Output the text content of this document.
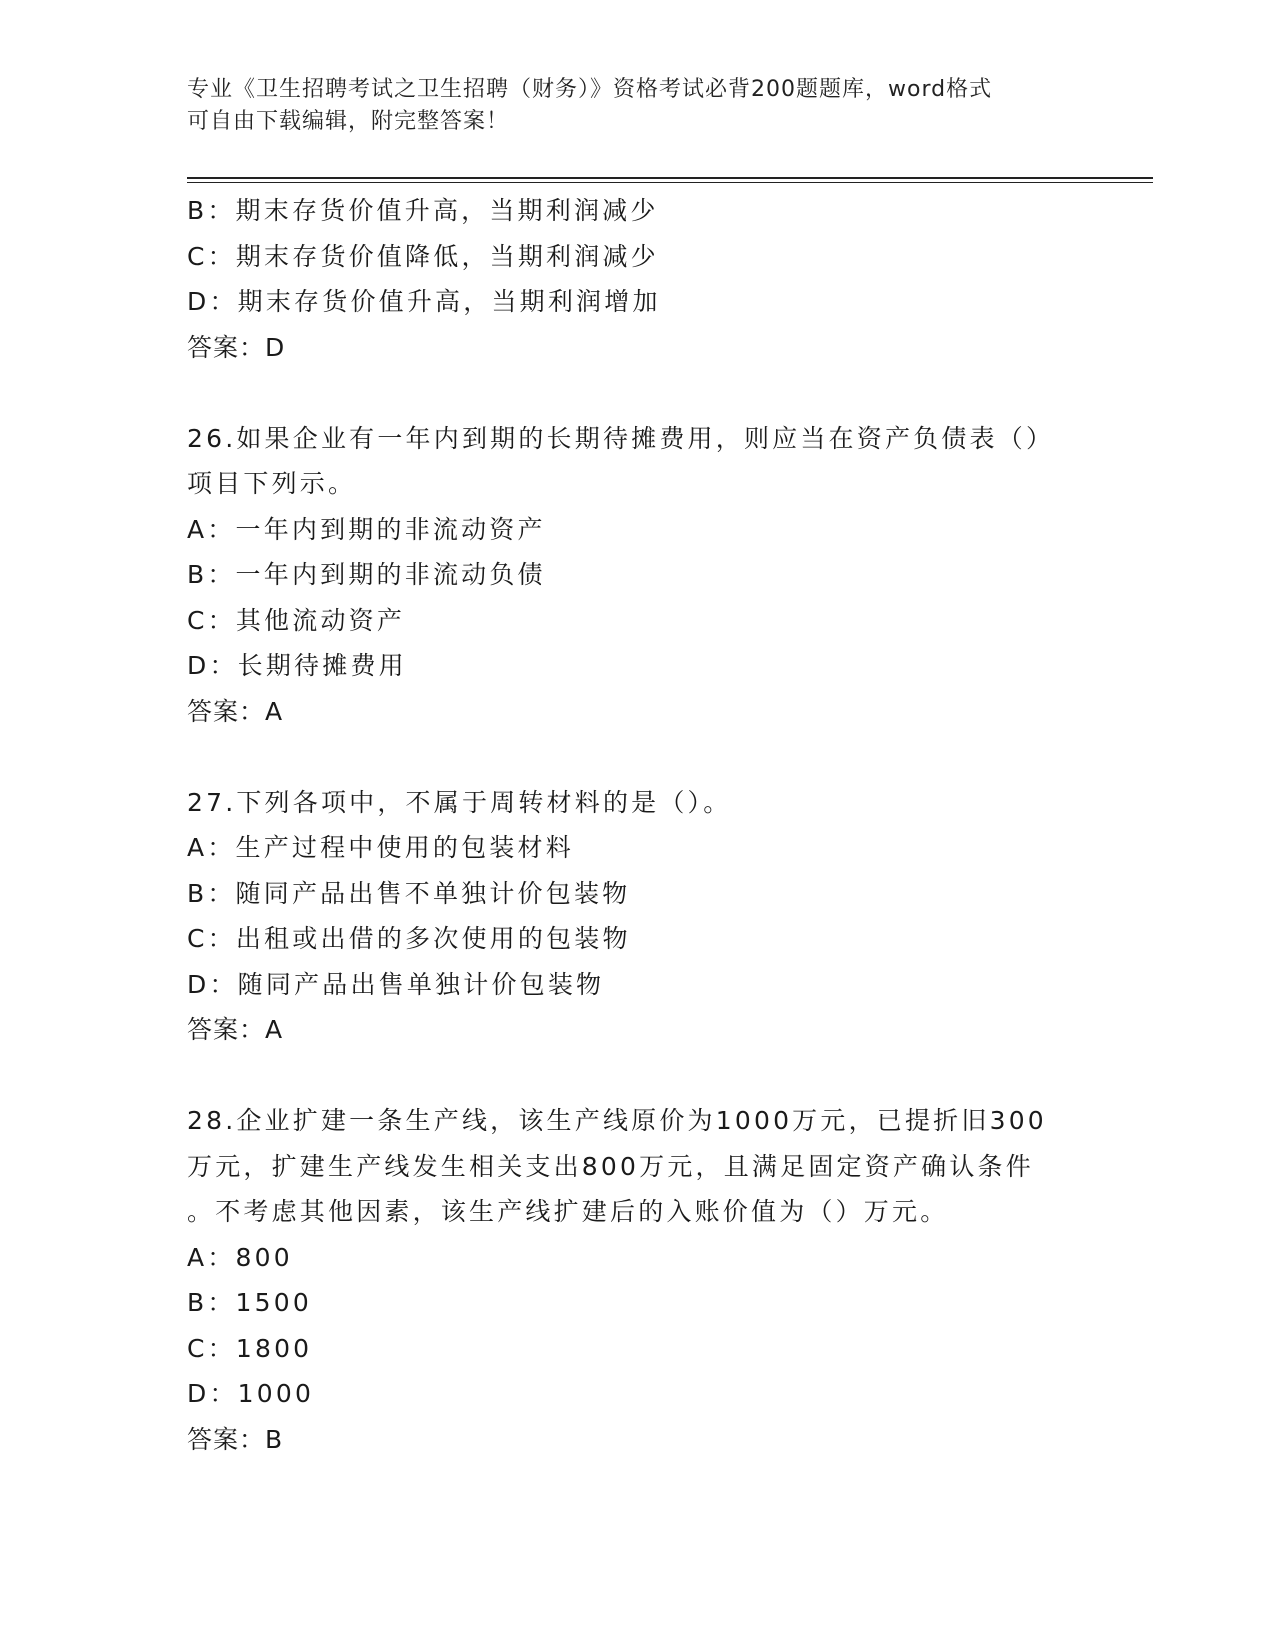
专业《卫生招聘考试之卫生招聘（财务）》资格考试必背200题题库，word格式
可自由下载编辑，附完整答案！
B：期末存货价值升高，当期利润减少
C：期末存货价值降低，当期利润减少
D：期末存货价值升高，当期利润增加
答案：D
26.如果企业有一年内到期的长期待摊费用，则应当在资产负债表（）
项目下列示。
A：一年内到期的非流动资产
B：一年内到期的非流动负债
C：其他流动资产
D：长期待摊费用
答案：A
27.下列各项中，不属于周转材料的是（）。
A：生产过程中使用的包装材料
B：随同产品出售不单独计价包装物
C：出租或出借的多次使用的包装物
D：随同产品出售单独计价包装物
答案：A
28.企业扩建一条生产线，该生产线原价为1000万元，已提折旧300
万元，扩建生产线发生相关支出800万元，且满足固定资产确认条件
。不考虑其他因素，该生产线扩建后的入账价值为（）万元。
A：800
B：1500
C：1800
D：1000
答案：B
